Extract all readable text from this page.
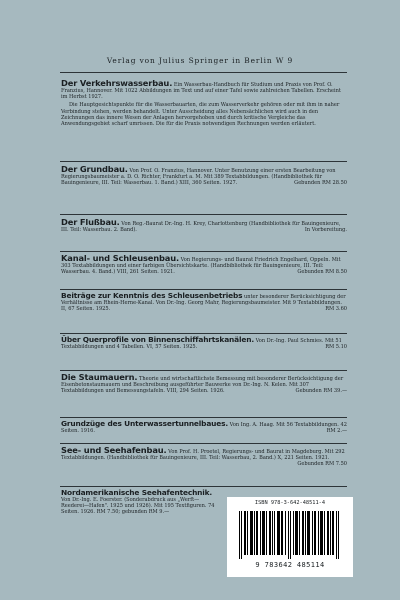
Verlag von Julius Springer in Berlin W 9

Der Verkehrswasserbau. Ein Wasserbau-Handbuch für Studium und Praxis von Prof. O. Franzius, Hannover. Mit 1022 Abbildungen im Text und auf einer Tafel sowie zahlreichen Tabellen. Erscheint im Herbst 1927.

Die Hauptgesichtspunkte für die Wasserbauarten, die zum Wasserverkehr gehören oder mit ihm in naher Verbindung stehen, werden behandelt. Unter Ausscheidung alles Nebensächlichen wird auch in den Zeichnungen das innere Wesen der Anlagen hervorgehoben und durch kritische Vergleiche das Anwendungsgebiet scharf umrissen. Die für die Praxis notwendigen Rechnungen werden erläutert.

Der Grundbau. Von Prof. O. Franzius, Hannover. Unter Benutzung einer ersten Bearbeitung von Regierungsbaumeister a. D. O. Richter, Frankfurt a. M. Mit 389 Textabbildungen. (Handbibliothek für Bauingenieure, III. Teil: Wasserbau. 1. Band.) XIII, 360 Seiten. 1927.	Gebunden RM 28.50

Der Flußbau. Von Reg.-Baurat Dr.-Ing. H. Krey, Charlottenburg (Handbibliothek für Bauingenieure, III. Teil: Wasserbau. 2. Band).	In Vorbereitung.

Kanal- und Schleusenbau. Von Regierungs- und Baurat Friedrich Engelhard, Oppeln. Mit 303 Textabbildungen und einer farbigen Übersichtskarte. (Handbibliothek für Bauingenieure, III. Teil: Wasserbau. 4. Band.) VIII, 261 Seiten. 1921.	Gebunden RM 8.50

Beiträge zur Kenntnis des Schleusenbetriebs unter besonderer Berücksichtigung der Verhältnisse am Rhein-Herne-Kanal. Von Dr.-Ing. Georg Mahr, Regierungsbaumeister. Mit 9 Textabbildungen. II, 67 Seiten. 1925.	RM 3.60

Über Querprofile von Binnenschiffahrtskanälen. Von Dr.-Ing. Paul Schmies. Mit 51 Textabbildungen und 4 Tabellen. VI, 57 Seiten. 1925.	RM 5.10

Die Staumauern. Theorie und wirtschaftlichste Bemessung mit besonderer Berücksichtigung der Eisenbetonstaumauern und Beschreibung ausgeführter Bauwerke von Dr.-Ing. N. Kelen. Mit 307 Textabbildungen und Bemessungstafeln. VIII, 294 Seiten. 1926.	Gebunden RM 39.—

Grundzüge des Unterwassertunnelbaues. Von Ing. A. Haag. Mit 56 Textabbildungen. 42 Seiten. 1916.	RM 2.—

See- und Seehafenbau. Von Prof. H. Proetel, Regierungs- und Baurat in Magdeburg. Mit 292 Textabbildungen. (Handbibliothek für Bauingenieure, III. Teil: Wasserbau, 2. Band.) X, 221 Seiten. 1921.
Gebunden RM 7.50

Nordamerikanische Seehafentechnik. Von Dr.-Ing. E. Foerster. (Sonderabdruck aus „Werft—Reederei—Hafen". 1925 und 1926). Mit 195 Textfiguren. 74 Seiten. 1926. RM 7.50; gebunden RM 9.—

ISBN 978-3-642-48511-4
9 783642 485114
